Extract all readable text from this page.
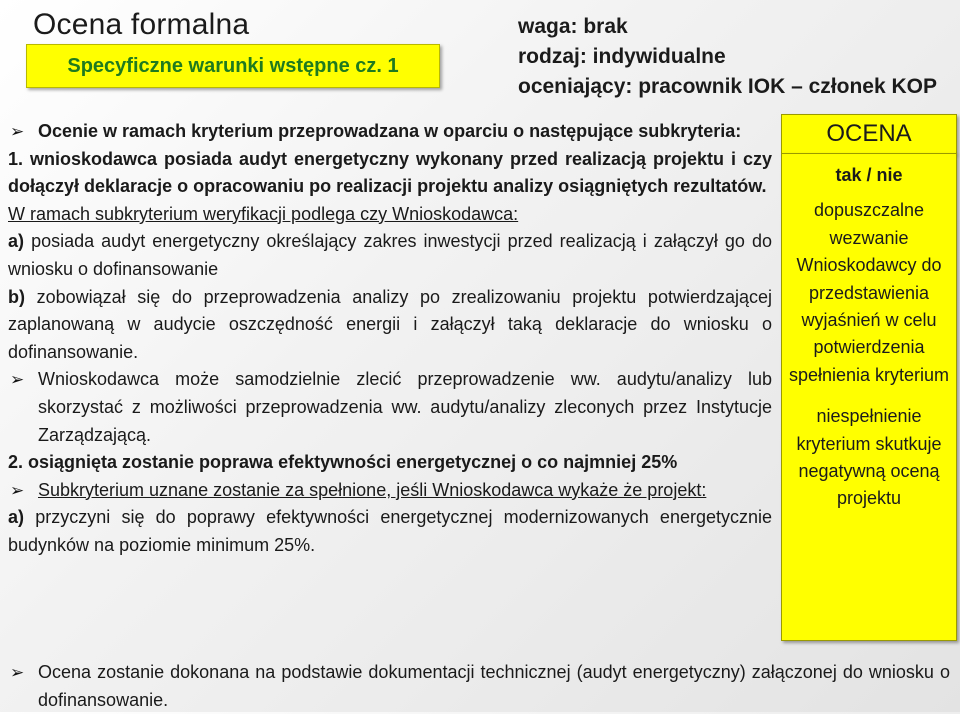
Ocena formalna
Specyficzne warunki wstępne cz. 1
waga: brak
rodzaj: indywidualne
oceniający: pracownik IOK – członek KOP

➢ Ocenie w ramach kryterium przeprowadzana w oparciu o następujące subkryteria:

1. wnioskodawca posiada audyt energetyczny wykonany przed realizacją projektu i czy dołączył deklaracje o opracowaniu po realizacji projektu analizy osiągniętych rezultatów.

W ramach subkryterium weryfikacji podlega czy Wnioskodawca:

a) posiada audyt energetyczny określający zakres inwestycji przed realizacją i załączył go do wniosku o dofinansowanie

b) zobowiązał się do przeprowadzenia analizy po zrealizowaniu projektu potwierdzającej zaplanowaną w audycie oszczędność energii i załączył taką deklaracje do wniosku o dofinansowanie.

➢ Wnioskodawca może samodzielnie zlecić przeprowadzenie ww. audytu/analizy lub skorzystać z możliwości przeprowadzenia ww. audytu/analizy zleconych przez Instytucje Zarządzającą.

2. osiągnięta zostanie poprawa efektywności energetycznej o co najmniej 25%

➢ Subkryterium uznane zostanie za spełnione, jeśli Wnioskodawca wykaże że projekt:

a) przyczyni się do poprawy efektywności energetycznej modernizowanych energetycznie budynków na poziomie minimum 25%.

OCENA
tak / nie
dopuszczalne wezwanie Wnioskodawcy do przedstawienia wyjaśnień w celu potwierdzenia spełnienia kryterium
niespełnienie kryterium skutkuje negatywną oceną projektu

➢ Ocena zostanie dokonana na podstawie dokumentacji technicznej (audyt energetyczny) załączonej do wniosku o dofinansowanie.
